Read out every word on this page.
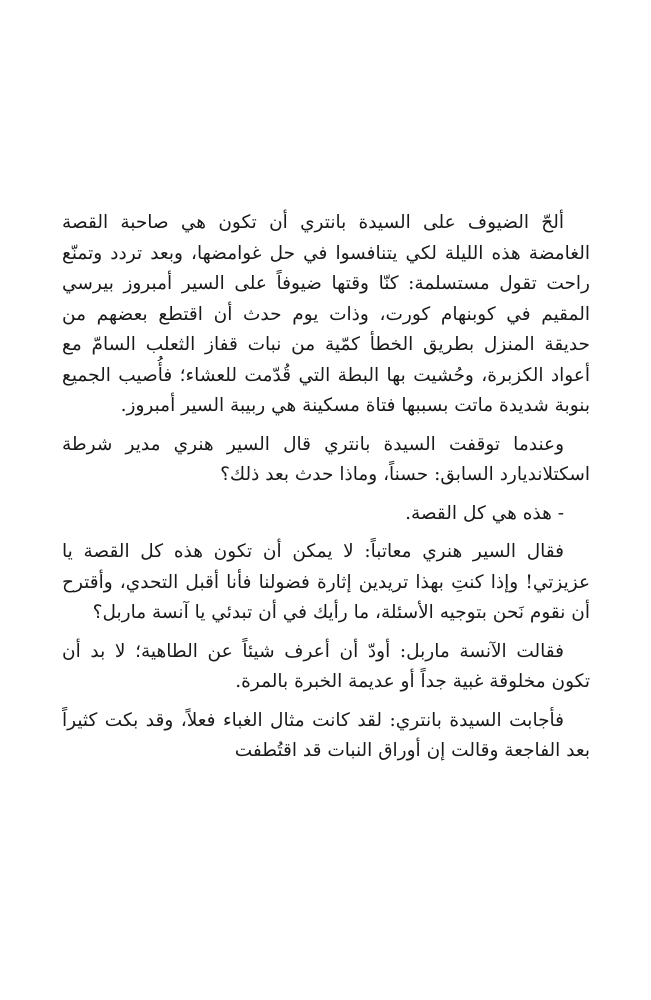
ألحّ الضيوف على السيدة بانتري أن تكون هي صاحبة القصة الغامضة هذه الليلة لكي يتنافسوا في حل غوامضها، وبعد تردد وتمنّع راحت تقول مستسلمة: كنّا وقتها ضيوفاً على السير أمبروز بيرسي المقيم في كوبنهام كورت، وذات يوم حدث أن اقتطع بعضهم من حديقة المنزل بطريق الخطأ كمّية من نبات قفاز الثعلب السامّ مع أعواد الكزبرة، وحُشيت بها البطة التي قُدّمت للعشاء؛ فأُصيب الجميع بنوبة شديدة ماتت بسببها فتاة مسكينة هي ربيبة السير أمبروز.

وعندما توقفت السيدة بانتري قال السير هنري مدير شرطة اسكتلانديارد السابق: حسناً، وماذا حدث بعد ذلك؟

- هذه هي كل القصة.

فقال السير هنري معاتباً: لا يمكن أن تكون هذه كل القصة يا عزيزتي! وإذا كنتِ بهذا تريدين إثارة فضولنا فأنا أقبل التحدي، وأقترح أن نقوم نَحن بتوجيه الأسئلة، ما رأيك في أن تبدئي يا آنسة ماربل؟

فقالت الآنسة ماربل: أودّ أن أعرف شيئاً عن الطاهية؛ لا بد أن تكون مخلوقة غبية جداً أو عديمة الخبرة بالمرة.

فأجابت السيدة بانتري: لقد كانت مثال الغباء فعلاً، وقد بكت كثيراً بعد الفاجعة وقالت إن أوراق النبات قد اقتُطفت
